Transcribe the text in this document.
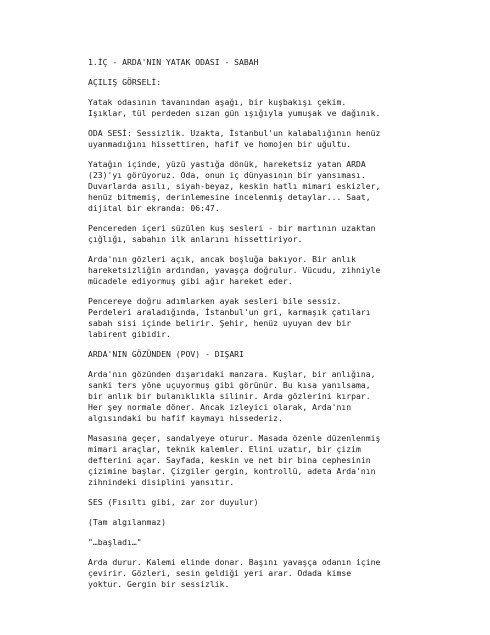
1.İÇ - ARDA'NIN YATAK ODASI - SABAH

AÇILIŞ GÖRSELİ:

Yatak odasının tavanından aşağı, bir kuşbakışı çekim.
Işıklar, tül perdeden sızan gün ışığıyla yumuşak ve dağınık.

ODA SESİ: Sessizlik. Uzakta, İstanbul'un kalabalığının henüz
uyanmadığını hissettiren, hafif ve homojen bir uğultu.

Yatağın içinde, yüzü yastığa dönük, hareketsiz yatan ARDA
(23)'yı görüyoruz. Oda, onun iç dünyasının bir yansıması.
Duvarlarda asılı, siyah-beyaz, keskin hatlı mimari eskizler,
henüz bitmemiş, derinlemesine incelenmiş detaylar... Saat,
dijital bir ekranda: 06:47.

Pencereden içeri süzülen kuş sesleri - bir martının uzaktan
çığlığı, sabahın ilk anlarını hissettiriyor.

Arda'nın gözleri açık, ancak boşluğa bakıyor. Bir anlık
hareketsizliğin ardından, yavaşça doğrulur. Vücudu, zihniyle
mücadele ediyormuş gibi ağır hareket eder.

Pencereye doğru adımlarken ayak sesleri bile sessiz.
Perdeleri araladığında, İstanbul'un gri, karmaşık çatıları
sabah sisi içinde belirir. Şehir, henüz uyuyan dev bir
labirent gibidir.

ARDA'NIN GÖZÜNDEN (POV) - DIŞARI

Arda'nın gözünden dışarıdaki manzara. Kuşlar, bir anlığına,
sanki ters yöne uçuyormuş gibi görünür. Bu kısa yanılsama,
bir anlık bir bulanıklıkla silinir. Arda gözlerini kırpar.
Her şey normale döner. Ancak izleyici olarak, Arda'nın
algısındaki bu hafif kaymayı hissederiz.

Masasına geçer, sandalyeye oturur. Masada özenle düzenlenmiş
mimari araçlar, teknik kalemler. Elini uzatır, bir çizim
defterini açar. Sayfada, keskin ve net bir bina cephesinin
çizimine başlar. Çizgiler gergin, kontrollü, adeta Arda'nın
zihnindeki disiplini yansıtır.

SES (Fısıltı gibi, zar zor duyulur)

(Tam algılanmaz)

"…başladı…"

Arda durur. Kalemi elinde donar. Başını yavaşça odanın içine
çevirir. Gözleri, sesin geldiği yeri arar. Odada kimse
yoktur. Gergin bir sessizlik.
